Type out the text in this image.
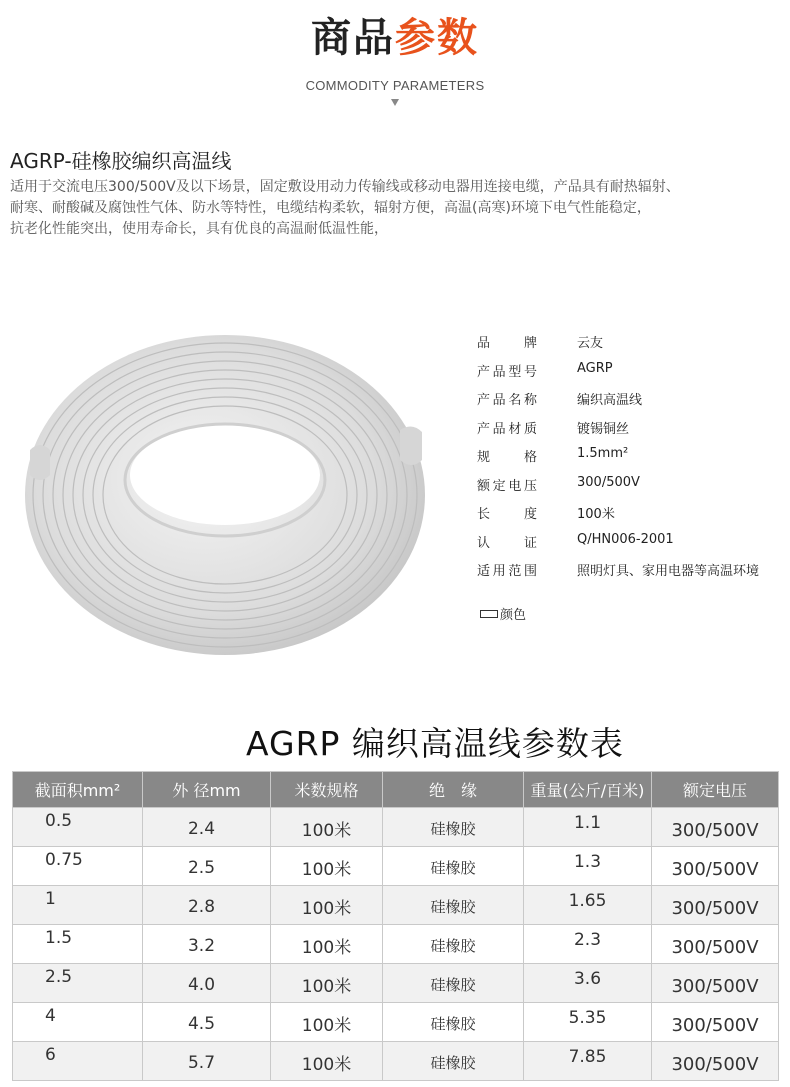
商品参数
COMMODITY PARAMETERS
AGRP-硅橡胶编织高温线
适用于交流电压300/500V及以下场景，固定敷设用动力传输线或移动电器用连接电缆，产品具有耐热辐射、
耐寒、耐酸碱及腐蚀性气体、防水等特性，电缆结构柔软，辐射方便，高温(高寒)环境下电气性能稳定，
抗老化性能突出，使用寿命长，具有优良的高温耐低温性能，
品牌	云友
产品型号	AGRP
产品名称	编织高温线
产品材质	镀锡铜丝
规格	1.5mm²
额定电压	300/500V
长度	100米
认证	Q/HN006-2001
适用范围	照明灯具、家用电器等高温环境
颜色
AGRP 编织高温线参数表
截面积mm²	外 径mm	米数规格	绝　缘	重量(公斤/百米)	额定电压

0.5	2.4	100米	硅橡胶	1.1	300/500V

0.75	2.5	100米	硅橡胶	1.3	300/500V

1	2.8	100米	硅橡胶	1.65	300/500V

1.5	3.2	100米	硅橡胶	2.3	300/500V

2.5	4.0	100米	硅橡胶	3.6	300/500V

4	4.5	100米	硅橡胶	5.35	300/500V

6	5.7	100米	硅橡胶	7.85	300/500V
